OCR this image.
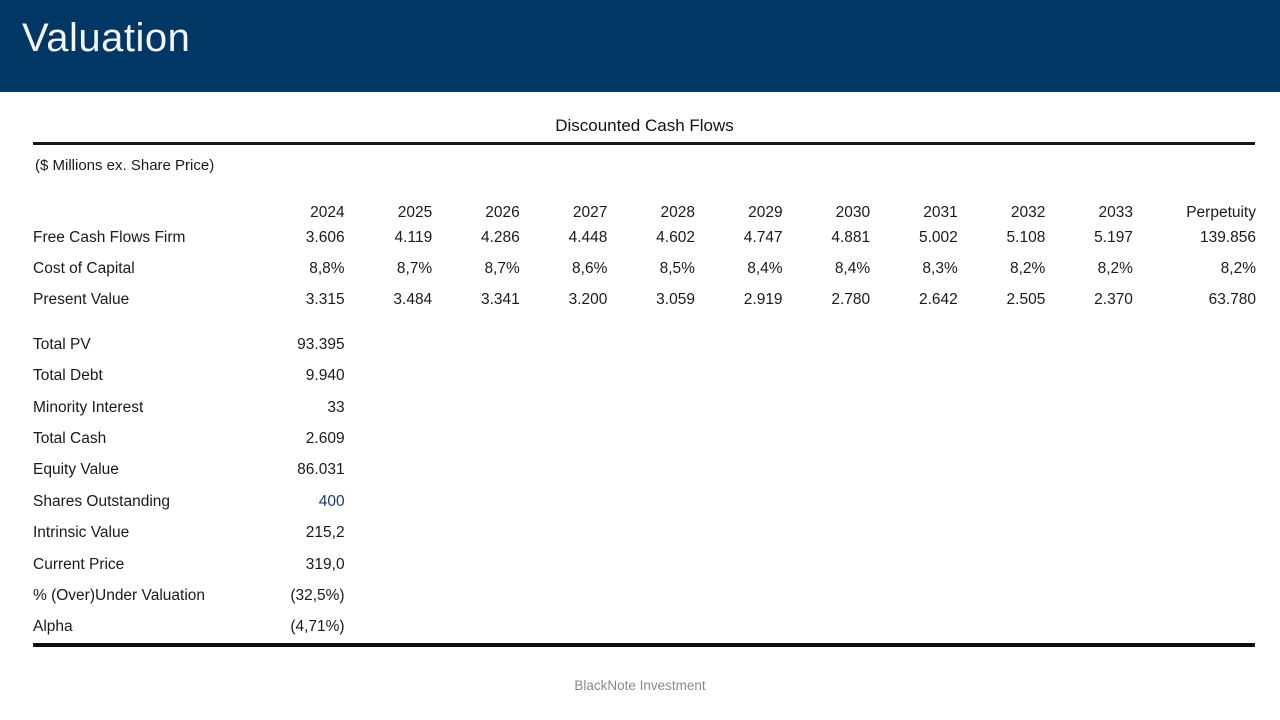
Valuation
Discounted Cash Flows
($ Millions ex. Share Price)
	2024	2025	2026	2027	2028	2029	2030	2031	2032	2033	Perpetuity
Free Cash Flows Firm	3.606	4.119	4.286	4.448	4.602	4.747	4.881	5.002	5.108	5.197	139.856
Cost of Capital	8,8%	8,7%	8,7%	8,6%	8,5%	8,4%	8,4%	8,3%	8,2%	8,2%	8,2%
Present Value	3.315	3.484	3.341	3.200	3.059	2.919	2.780	2.642	2.505	2.370	63.780

Total PV	93.395										
Total Debt	9.940										
Minority Interest	33										
Total Cash	2.609										
Equity Value	86.031										
Shares Outstanding	400										
Intrinsic Value	215,2										
Current Price	319,0										
% (Over)Under Valuation	(32,5%)										
Alpha	(4,71%)										
BlackNote Investment
